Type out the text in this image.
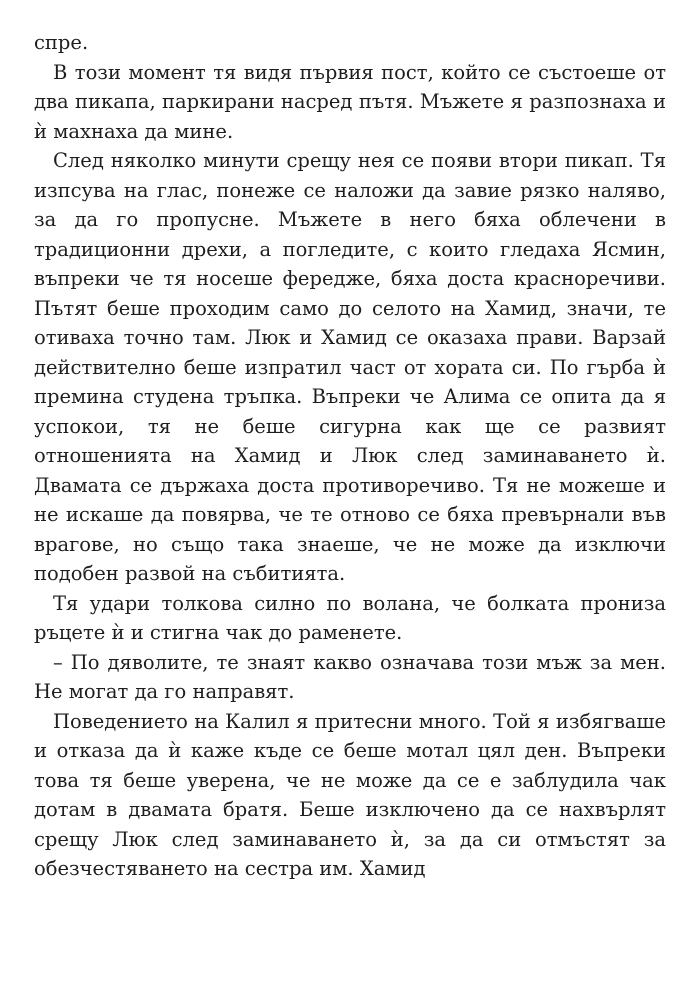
спре.

В този момент тя видя първия пост, който се състоеше от два пикапа, паркирани насред пътя. Мъжете я разпознаха и ѝ махнаха да мине.

След няколко минути срещу нея се появи втори пикап. Тя изпсува на глас, понеже се наложи да завие рязко наляво, за да го пропусне. Мъжете в него бяха облечени в традиционни дрехи, а погледите, с които гледаха Ясмин, въпреки че тя носеше фередже, бяха доста красноречиви. Пътят беше проходим само до селото на Хамид, значи, те отиваха точно там. Люк и Хамид се оказаха прави. Варзай действително беше изпратил част от хората си. По гърба ѝ премина студена тръпка. Въпреки че Алима се опита да я успокои, тя не беше сигурна как ще се развият отношенията на Хамид и Люк след заминаването ѝ. Двамата се държаха доста противоречиво. Тя не можеше и не искаше да повярва, че те отново се бяха превърнали във врагове, но също така знаеше, че не може да изключи подобен развой на събитията.

Тя удари толкова силно по волана, че болката прониза ръцете ѝ и стигна чак до раменете.

– По дяволите, те знаят какво означава този мъж за мен. Не могат да го направят.

Поведението на Калил я притесни много. Той я избягваше и отказа да ѝ каже къде се беше мотал цял ден. Въпреки това тя беше уверена, че не може да се е заблудила чак дотам в двамата братя. Беше изключено да се нахвърлят срещу Люк след заминаването ѝ, за да си отмъстят за обезчестяването на сестра им. Хамид
